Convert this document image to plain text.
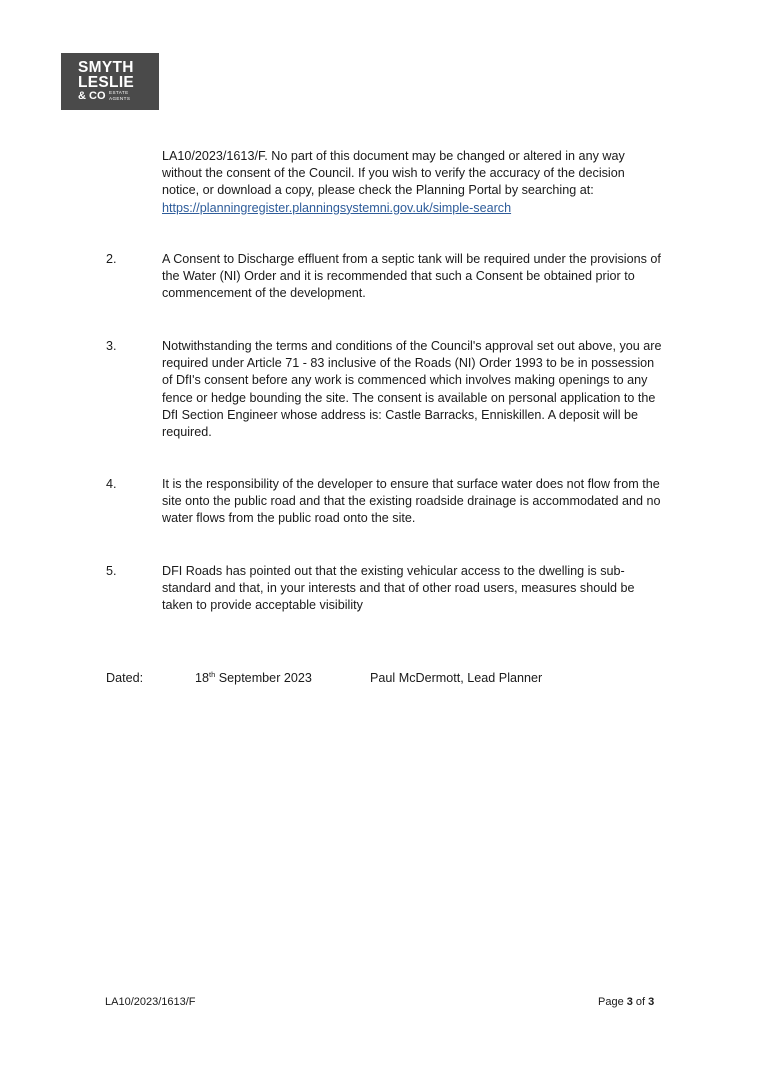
SMYTH
LESLIE
& CO ESTATE
AGENTS

LA10/2023/1613/F. No part of this document may be changed or altered in any way without the consent of the Council. If you wish to verify the accuracy of the decision notice, or download a copy, please check the Planning Portal by searching at: https://planningregister.planningsystemni.gov.uk/simple-search

2.	A Consent to Discharge effluent from a septic tank will be required under the provisions of the Water (NI) Order and it is recommended that such a Consent be obtained prior to commencement of the development.

3.	Notwithstanding the terms and conditions of the Council's approval set out above, you are required under Article 71 - 83 inclusive of the Roads (NI) Order 1993 to be in possession of DfI's consent before any work is commenced which involves making openings to any fence or hedge bounding the site. The consent is available on personal application to the DfI Section Engineer whose address is: Castle Barracks, Enniskillen. A deposit will be required.

4.	It is the responsibility of the developer to ensure that surface water does not flow from the site onto the public road and that the existing roadside drainage is accommodated and no water flows from the public road onto the site.

5.	DFI Roads has pointed out that the existing vehicular access to the dwelling is sub-standard and that, in your interests and that of other road users, measures should be taken to provide acceptable visibility

Dated:	18th September 2023	Paul McDermott, Lead Planner
LA10/2023/1613/F	Page 3 of 3
